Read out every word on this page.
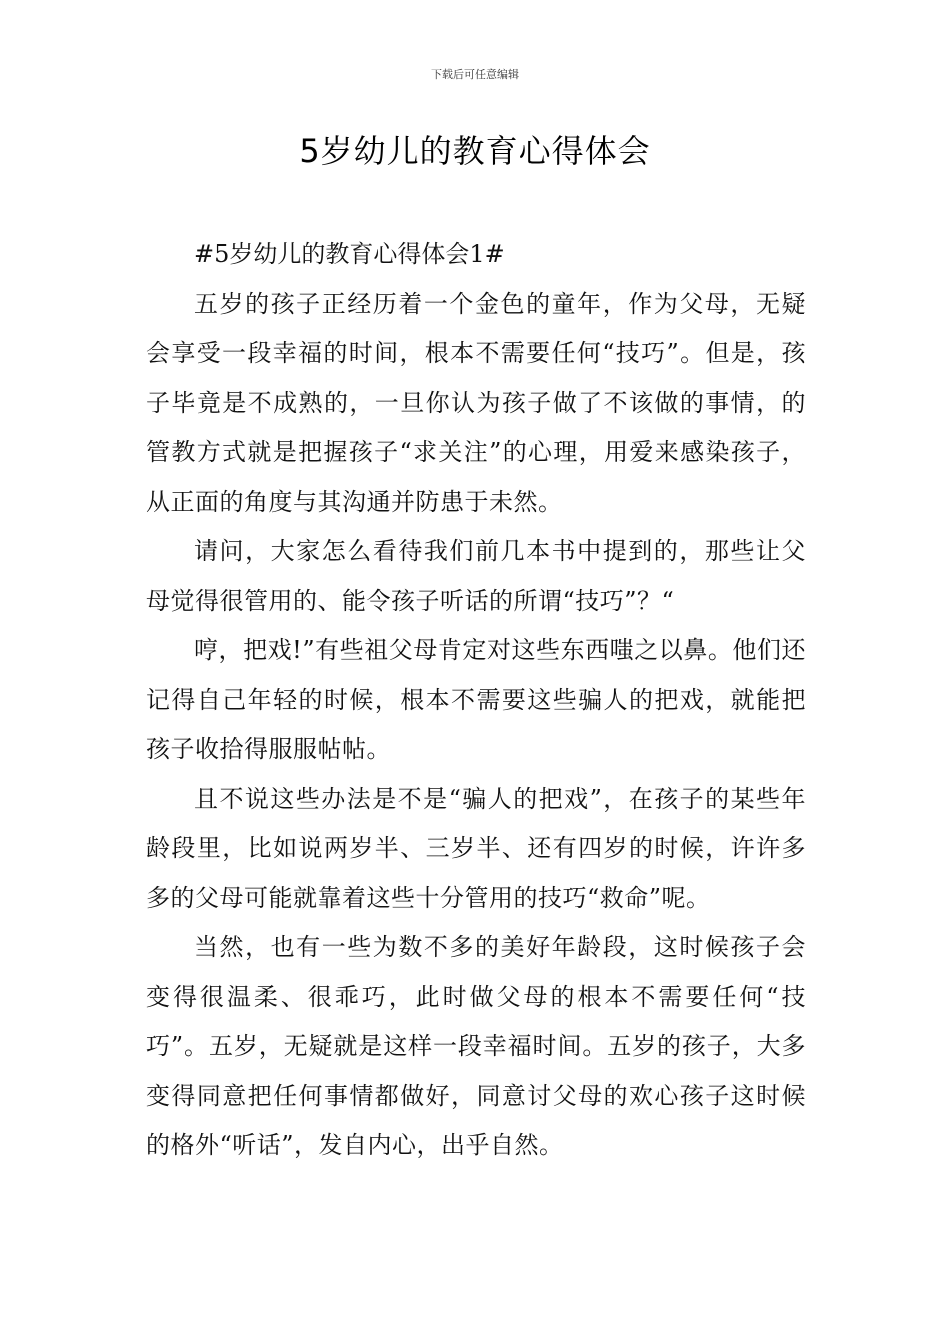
下载后可任意编辑
5岁幼儿的教育心得体会

#5岁幼儿的教育心得体会1#

五岁的孩子正经历着一个金色的童年，作为父母，无疑会享受一段幸福的时间，根本不需要任何“技巧”。但是，孩子毕竟是不成熟的，一旦你认为孩子做了不该做的事情，的管教方式就是把握孩子“求关注”的心理，用爱来感染孩子，从正面的角度与其沟通并防患于未然。

请问，大家怎么看待我们前几本书中提到的，那些让父母觉得很管用的、能令孩子听话的所谓“技巧”？“

哼，把戏!”有些祖父母肯定对这些东西嗤之以鼻。他们还记得自己年轻的时候，根本不需要这些骗人的把戏，就能把孩子收拾得服服帖帖。

且不说这些办法是不是“骗人的把戏”，在孩子的某些年龄段里，比如说两岁半、三岁半、还有四岁的时候，许许多多的父母可能就靠着这些十分管用的技巧“救命”呢。

当然，也有一些为数不多的美好年龄段，这时候孩子会变得很温柔、很乖巧，此时做父母的根本不需要任何“技巧”。五岁，无疑就是这样一段幸福时间。五岁的孩子，大多变得同意把任何事情都做好，同意讨父母的欢心孩子这时候的格外“听话”，发自内心，出乎自然。
